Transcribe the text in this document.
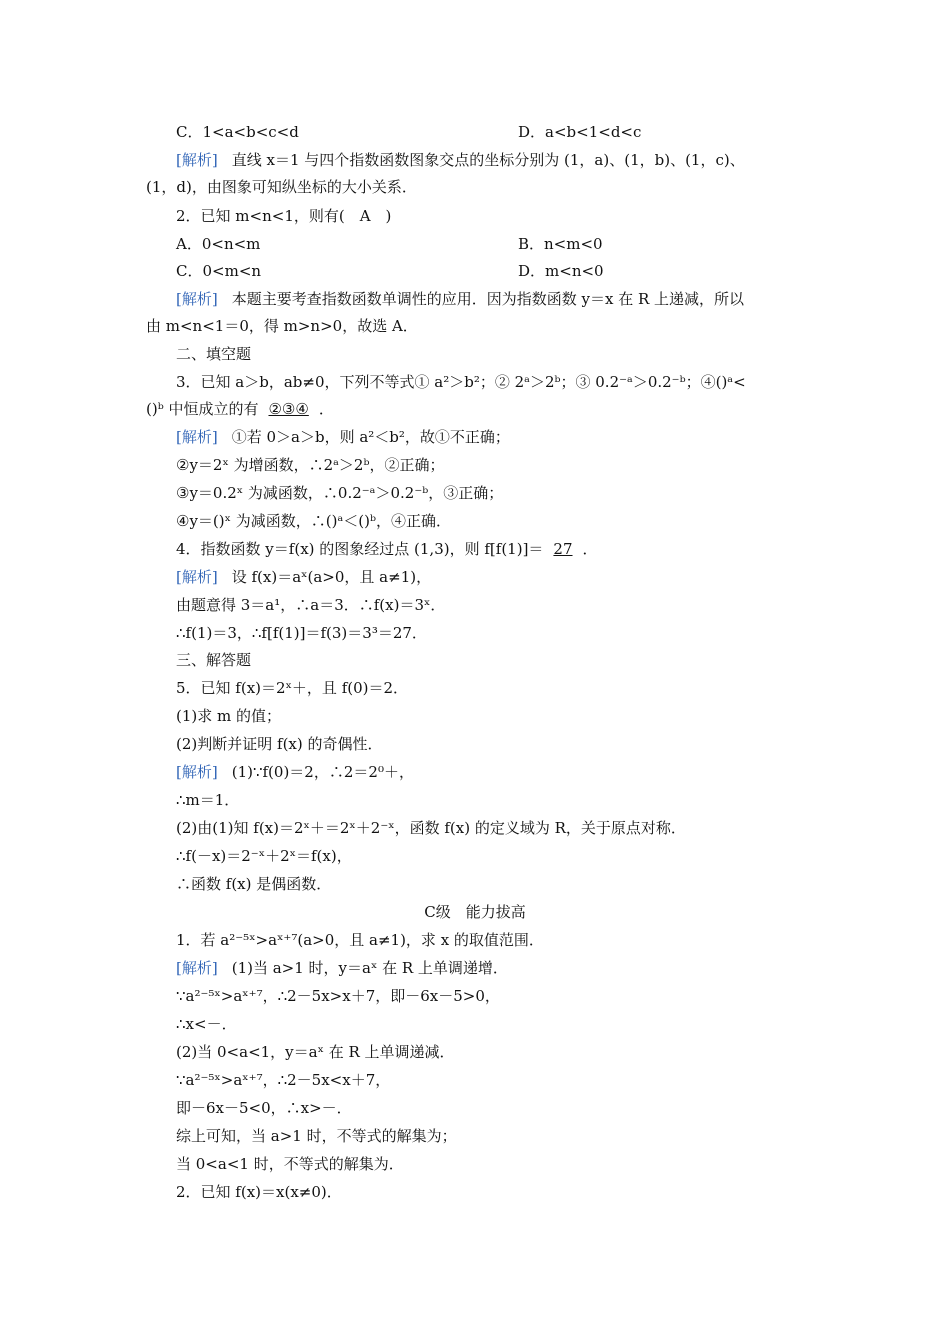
C．1<a<b<c<d	D．a<b<1<d<c
[解析] 直线 x＝1 与四个指数函数图象交点的坐标分别为 (1，a)、(1，b)、(1，c)、
(1，d)，由图象可知纵坐标的大小关系．
2．已知 m<n<1，则有(　A　)
A．0<n<m	B．n<m<0
C．0<m<n	D．m<n<0
[解析] 本题主要考查指数函数单调性的应用．因为指数函数 y＝x 在 R 上递减，所以
由 m<n<1＝0，得 m>n>0，故选 A．
二、填空题
3．已知 a＞b，ab≠0，下列不等式① a²＞b²；② 2ᵃ＞2ᵇ；③ 0.2⁻ᵃ＞0.2⁻ᵇ；④()ᵃ<
()ᵇ 中恒成立的有 ②③④ ．
[解析] ①若 0＞a＞b，则 a²＜b²，故①不正确；
②y＝2ˣ 为增函数，∴2ᵃ＞2ᵇ，②正确；
③y＝0.2ˣ 为减函数，∴0.2⁻ᵃ＞0.2⁻ᵇ，③正确；
④y＝()ˣ 为减函数，∴()ᵃ＜()ᵇ，④正确．
4．指数函数 y＝f(x) 的图象经过点 (1,3)，则 f[f(1)]＝ 27 ．
[解析] 设 f(x)＝aˣ(a>0，且 a≠1)，
由题意得 3＝a¹，∴a＝3．∴f(x)＝3ˣ．
∴f(1)＝3，∴f[f(1)]＝f(3)＝3³＝27．
三、解答题
5．已知 f(x)＝2ˣ＋，且 f(0)＝2．
(1)求 m 的值；
(2)判断并证明 f(x) 的奇偶性．
[解析] (1)∵f(0)＝2，∴2＝2⁰＋，
∴m＝1．
(2)由(1)知 f(x)＝2ˣ＋＝2ˣ＋2⁻ˣ，函数 f(x) 的定义域为 R，关于原点对称．
∴f(－x)＝2⁻ˣ＋2ˣ＝f(x)，
∴函数 f(x) 是偶函数．
C级　能力拔高
1．若 a²⁻⁵ˣ>aˣ⁺⁷(a>0，且 a≠1)，求 x 的取值范围．
[解析] (1)当 a>1 时，y＝aˣ 在 R 上单调递增．
∵a²⁻⁵ˣ>aˣ⁺⁷，∴2－5x>x＋7，即－6x－5>0，
∴x<－．
(2)当 0<a<1，y＝aˣ 在 R 上单调递减．
∵a²⁻⁵ˣ>aˣ⁺⁷，∴2－5x<x＋7，
即－6x－5<0，∴x>－．
综上可知，当 a>1 时，不等式的解集为；
当 0<a<1 时，不等式的解集为．
2．已知 f(x)＝x(x≠0)．
